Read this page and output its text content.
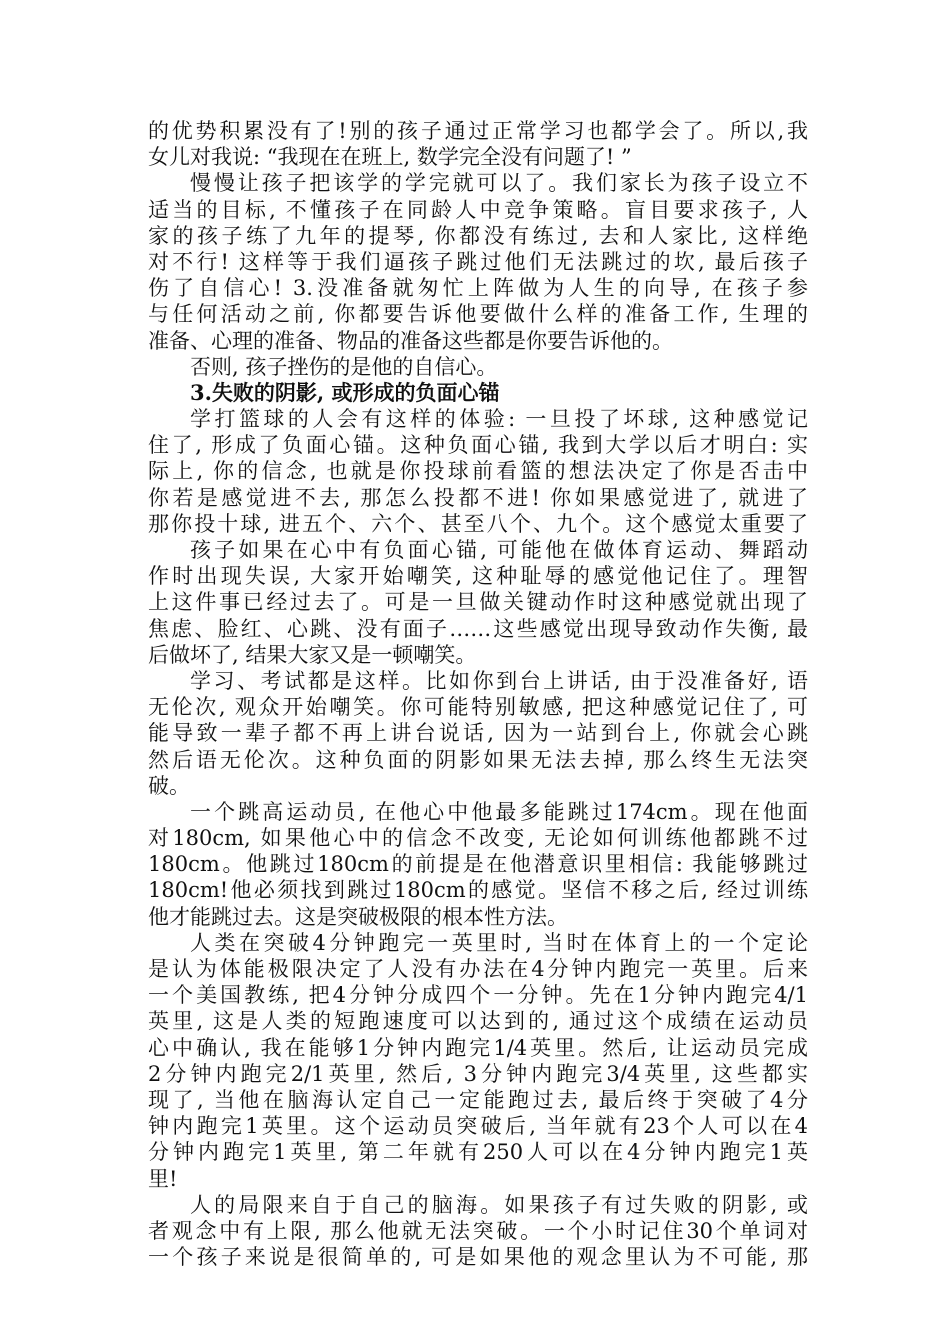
的优势积累没有了!别的孩子通过正常学习也都学会了。所以,我
女儿对我说: “我现在在班上, 数学完全没有问题了! ”
慢慢让孩子把该学的学完就可以了。我们家长为孩子设立不
适当的目标, 不懂孩子在同龄人中竞争策略。盲目要求孩子, 人
家的孩子练了九年的提琴, 你都没有练过, 去和人家比, 这样绝
对不行! 这样等于我们逼孩子跳过他们无法跳过的坎, 最后孩子
伤了自信心! 3.没准备就匆忙上阵做为人生的向导, 在孩子参
与任何活动之前, 你都要告诉他要做什么样的准备工作, 生理的
准备、心理的准备、物品的准备这些都是你要告诉他的。
否则, 孩子挫伤的是他的自信心。
3.失败的阴影, 或形成的负面心锚
学打篮球的人会有这样的体验: 一旦投了坏球, 这种感觉记
住了, 形成了负面心锚。这种负面心锚, 我到大学以后才明白: 实
际上, 你的信念, 也就是你投球前看篮的想法决定了你是否击中
你若是感觉进不去, 那怎么投都不进! 你如果感觉进了, 就进了
那你投十球, 进五个、六个、甚至八个、九个。这个感觉太重要了
孩子如果在心中有负面心锚, 可能他在做体育运动、舞蹈动
作时出现失误, 大家开始嘲笑, 这种耻辱的感觉他记住了。理智
上这件事已经过去了。可是一旦做关键动作时这种感觉就出现了
焦虑、脸红、心跳、没有面子……这些感觉出现导致动作失衡, 最
后做坏了, 结果大家又是一顿嘲笑。
学习、考试都是这样。比如你到台上讲话, 由于没准备好, 语
无伦次, 观众开始嘲笑。你可能特别敏感, 把这种感觉记住了, 可
能导致一辈子都不再上讲台说话, 因为一站到台上, 你就会心跳
然后语无伦次。这种负面的阴影如果无法去掉, 那么终生无法突
破。
一个跳高运动员, 在他心中他最多能跳过174cm。现在他面
对180cm, 如果他心中的信念不改变, 无论如何训练他都跳不过
180cm。他跳过180cm的前提是在他潜意识里相信: 我能够跳过
180cm!他必须找到跳过180cm的感觉。坚信不移之后, 经过训练
他才能跳过去。这是突破极限的根本性方法。
人类在突破4分钟跑完一英里时, 当时在体育上的一个定论
是认为体能极限决定了人没有办法在4分钟内跑完一英里。后来
一个美国教练, 把4分钟分成四个一分钟。先在1分钟内跑完4/1
英里, 这是人类的短跑速度可以达到的, 通过这个成绩在运动员
心中确认, 我在能够1分钟内跑完1/4英里。然后, 让运动员完成
2分钟内跑完2/1英里, 然后, 3分钟内跑完3/4英里, 这些都实
现了, 当他在脑海认定自己一定能跑过去, 最后终于突破了4分
钟内跑完1英里。这个运动员突破后, 当年就有23个人可以在4
分钟内跑完1英里, 第二年就有250人可以在4分钟内跑完1英
里!
人的局限来自于自己的脑海。如果孩子有过失败的阴影, 或
者观念中有上限, 那么他就无法突破。一个小时记住30个单词对
一个孩子来说是很简单的, 可是如果他的观念里认为不可能, 那
